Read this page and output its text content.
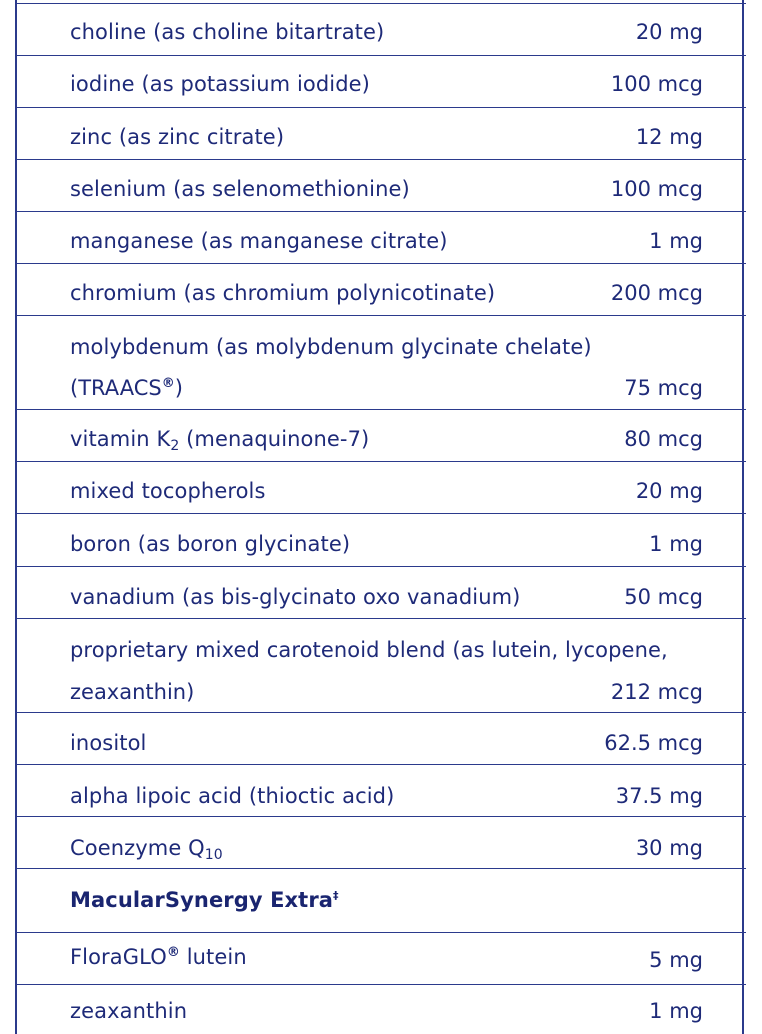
choline (as choline bitartrate)	20 mg
iodine (as potassium iodide)	100 mcg
zinc (as zinc citrate)	12 mg
selenium (as selenomethionine)	100 mcg
manganese (as manganese citrate)	1 mg
chromium (as chromium polynicotinate)	200 mcg
molybdenum (as molybdenum glycinate chelate)
(TRAACS®)	75 mcg
vitamin $K_2$ (menaquinone-7)	80 mcg
mixed tocopherols	20 mg
boron (as boron glycinate)	1 mg
vanadium (as bis-glycinato oxo vanadium)	50 mcg
proprietary mixed carotenoid blend (as lutein, lycopene,
zeaxanthin)	212 mcg
inositol	62.5 mcg
alpha lipoic acid (thioctic acid)	37.5 mg
Coenzyme $Q_{10}$	30 mg
MacularSynergy Extra‡
FloraGLO® lutein	5 mg
zeaxanthin	1 mg
